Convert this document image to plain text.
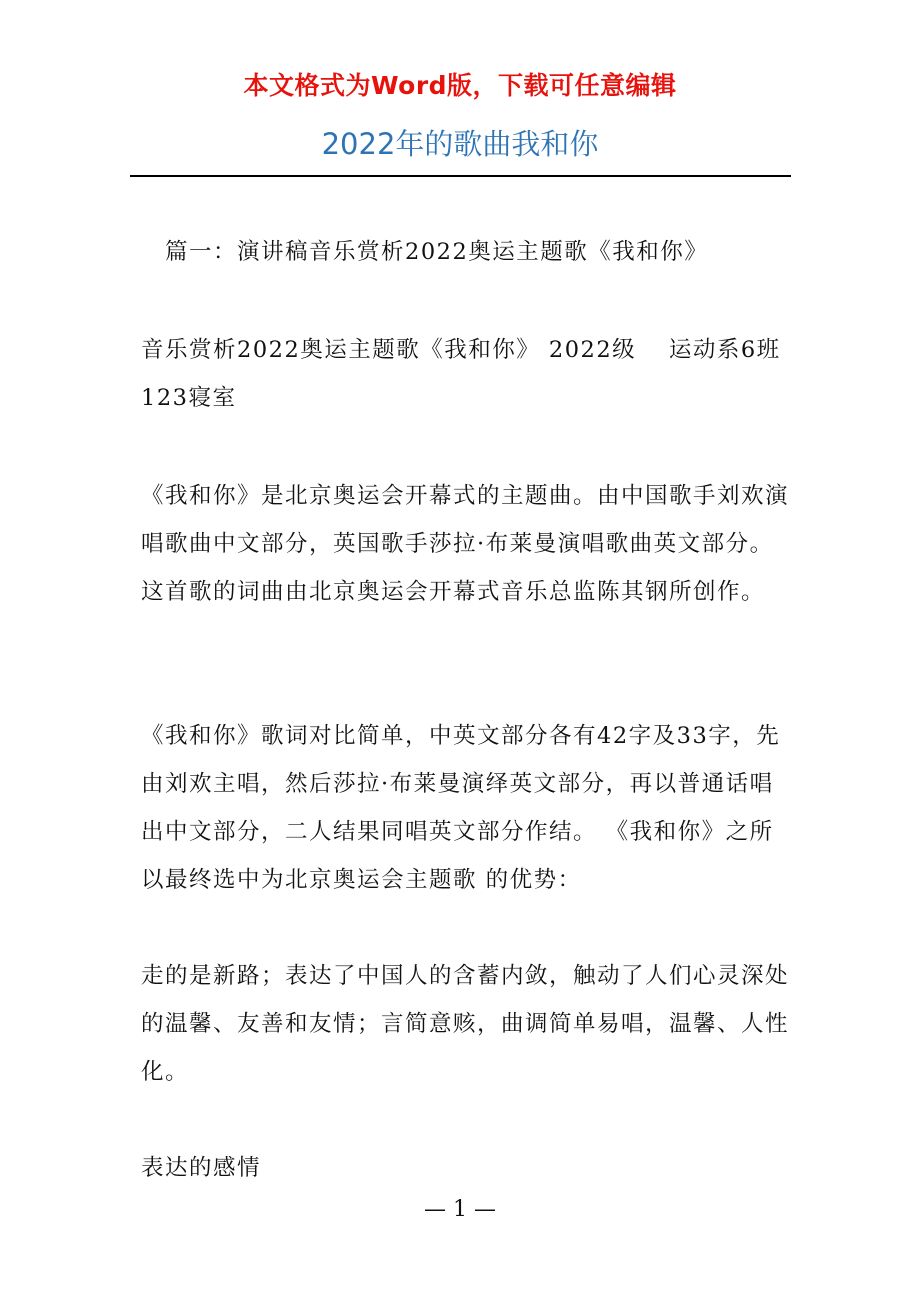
本文格式为Word版，下载可任意编辑
2022年的歌曲我和你

篇一：演讲稿音乐赏析2022奥运主题歌《我和你》

音乐赏析2022奥运主题歌《我和你》 2022级　 运动系6班　　 123寝室

《我和你》是北京奥运会开幕式的主题曲。由中国歌手刘欢演唱歌曲中文部分，英国歌手莎拉·布莱曼演唱歌曲英文部分。这首歌的词曲由北京奥运会开幕式音乐总监陈其钢所创作。

《我和你》歌词对比简单，中英文部分各有42字及33字，先由刘欢主唱，然后莎拉·布莱曼演绎英文部分，再以普通话唱出中文部分，二人结果同唱英文部分作结。 《我和你》之所以最终选中为北京奥运会主题歌 的优势：

走的是新路；表达了中国人的含蓄内敛，触动了人们心灵深处的温馨、友善和友情；言简意赅，曲调简单易唱，温馨、人性化。

表达的感情

— 1 —
